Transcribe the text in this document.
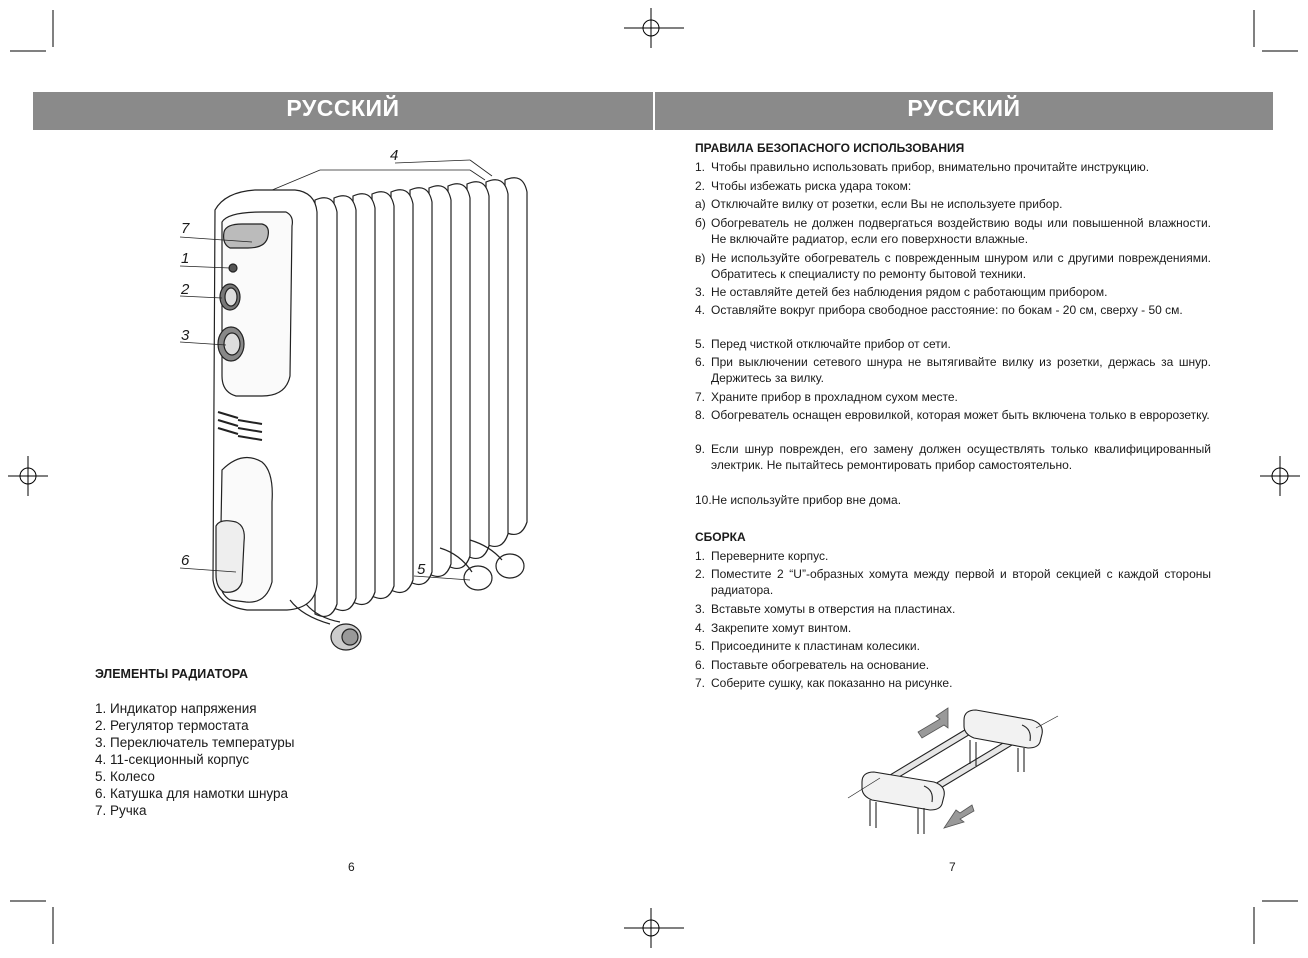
РУССКИЙ	РУССКИЙ
4
7
1
2
3
6
5
ЭЛЕМЕНТЫ РАДИАТОРА
1. Индикатор напряжения
2. Регулятор термостата
3. Переключатель температуры
4. 11-секционный корпус
5. Колесо
6. Катушка для намотки шнура
7. Ручка
6
ПРАВИЛА БЕЗОПАСНОГО ИСПОЛЬЗОВАНИЯ
1. Чтобы правильно использовать прибор, внимательно прочитайте инструкцию.
2. Чтобы избежать риска удара током:
а) Отключайте вилку от розетки, если Вы не используете прибор.
б) Обогреватель не должен подвергаться воздействию воды или повышенной влажности. Не включайте радиатор, если его поверхности влажные.
в) Не используйте обогреватель с поврежденным шнуром или с другими повреждениями. Обратитесь к специалисту по ремонту бытовой техники.
3. Не оставляйте детей без наблюдения рядом с работающим прибором.
4. Оставляйте вокруг прибора свободное расстояние: по бокам - 20 см, сверху - 50 см.
5. Перед чисткой отключайте прибор от сети.
6. При выключении сетевого шнура не вытягивайте вилку из розетки, держась за шнур. Держитесь за вилку.
7. Храните прибор в прохладном сухом месте.
8. Обогреватель оснащен евровилкой, которая может быть включена только в евророзетку.
9. Если шнур поврежден, его замену должен осуществлять только квалифицированный электрик. Не пытайтесь ремонтировать прибор самостоятельно.
10.Не используйте прибор вне дома.
СБОРКА
1. Переверните корпус.
2. Поместите 2 “U”-образных хомута между первой и второй секцией с каждой стороны радиатора.
3. Вставьте хомуты в отверстия на пластинах.
4. Закрепите хомут винтом.
5. Присоедините к пластинам колесики.
6. Поставьте обогреватель на основание.
7. Соберите сушку, как показанно на рисунке.
7
